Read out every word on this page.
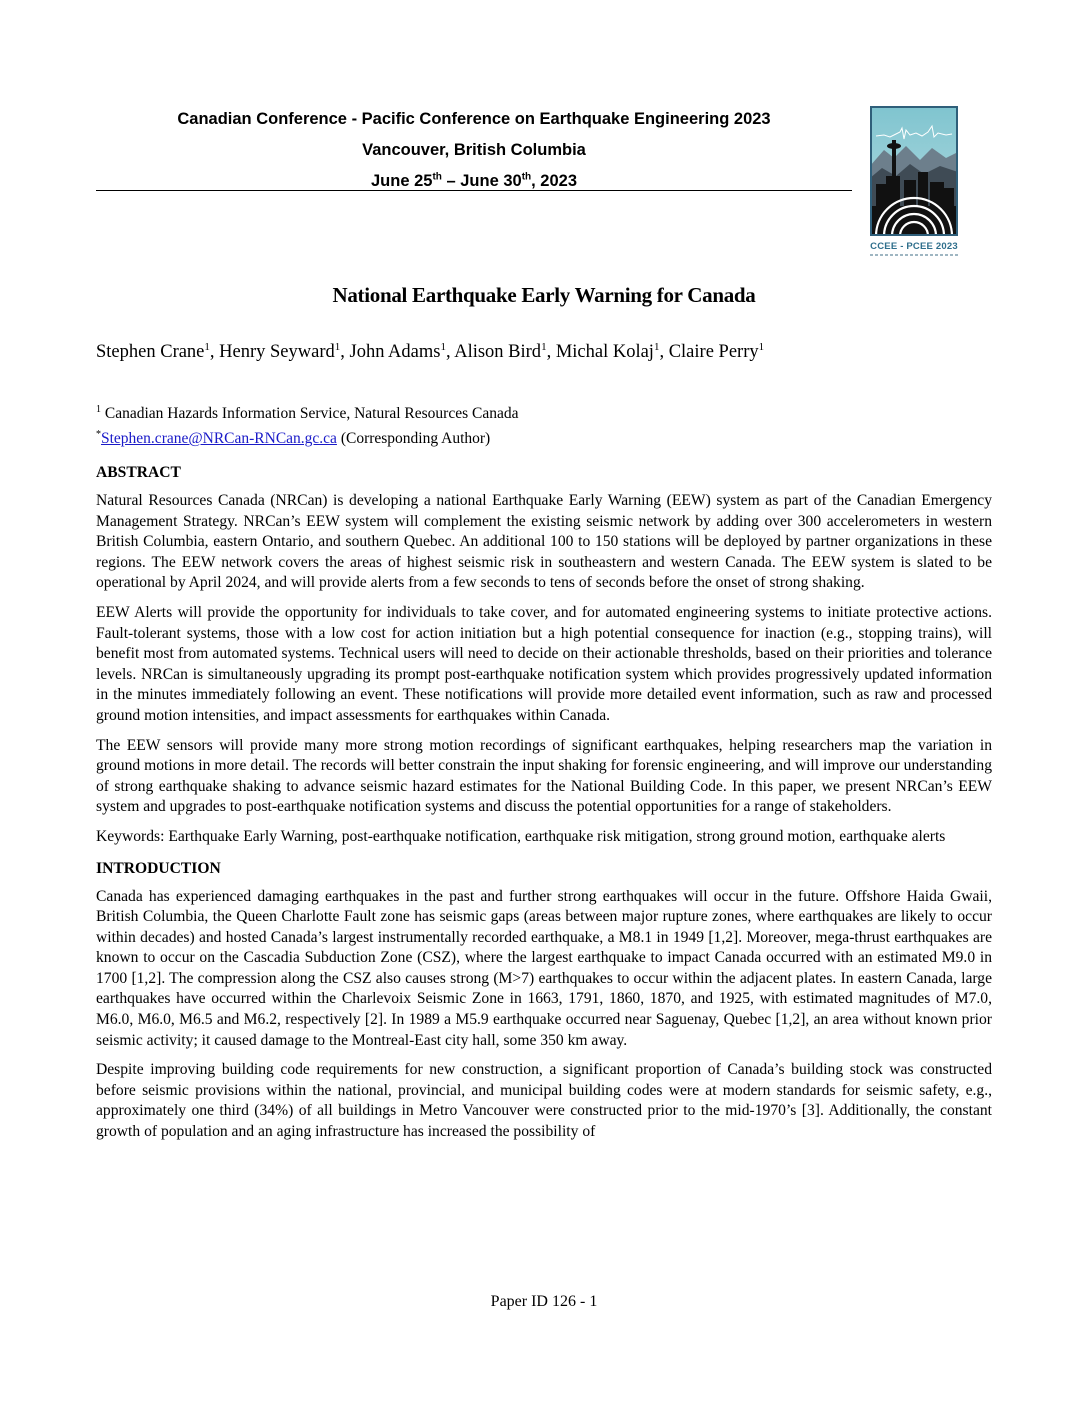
Canadian Conference - Pacific Conference on Earthquake Engineering 2023
Vancouver, British Columbia
June 25th – June 30th, 2023
CCEE - PCEE 2023
National Earthquake Early Warning for Canada
Stephen Crane$^1$, Henry Seyward$^1$, John Adams$^1$, Alison Bird$^1$, Michal Kolaj$^1$, Claire Perry$^1$
$^1$ Canadian Hazards Information Service, Natural Resources Canada
*Stephen.crane@NRCan-RNCan.gc.ca (Corresponding Author)
ABSTRACT

Natural Resources Canada (NRCan) is developing a national Earthquake Early Warning (EEW) system as part of the Canadian Emergency Management Strategy. NRCan’s EEW system will complement the existing seismic network by adding over 300 accelerometers in western British Columbia, eastern Ontario, and southern Quebec. An additional 100 to 150 stations will be deployed by partner organizations in these regions. The EEW network covers the areas of highest seismic risk in southeastern and western Canada. The EEW system is slated to be operational by April 2024, and will provide alerts from a few seconds to tens of seconds before the onset of strong shaking.

EEW Alerts will provide the opportunity for individuals to take cover, and for automated engineering systems to initiate protective actions. Fault-tolerant systems, those with a low cost for action initiation but a high potential consequence for inaction (e.g., stopping trains), will benefit most from automated systems. Technical users will need to decide on their actionable thresholds, based on their priorities and tolerance levels. NRCan is simultaneously upgrading its prompt post-earthquake notification system which provides progressively updated information in the minutes immediately following an event. These notifications will provide more detailed event information, such as raw and processed ground motion intensities, and impact assessments for earthquakes within Canada.

The EEW sensors will provide many more strong motion recordings of significant earthquakes, helping researchers map the variation in ground motions in more detail. The records will better constrain the input shaking for forensic engineering, and will improve our understanding of strong earthquake shaking to advance seismic hazard estimates for the National Building Code. In this paper, we present NRCan’s EEW system and upgrades to post-earthquake notification systems and discuss the potential opportunities for a range of stakeholders.

Keywords: Earthquake Early Warning, post-earthquake notification, earthquake risk mitigation, strong ground motion, earthquake alerts

INTRODUCTION

Canada has experienced damaging earthquakes in the past and further strong earthquakes will occur in the future. Offshore Haida Gwaii, British Columbia, the Queen Charlotte Fault zone has seismic gaps (areas between major rupture zones, where earthquakes are likely to occur within decades) and hosted Canada’s largest instrumentally recorded earthquake, a M8.1 in 1949 [1,2]. Moreover, mega-thrust earthquakes are known to occur on the Cascadia Subduction Zone (CSZ), where the largest earthquake to impact Canada occurred with an estimated M9.0 in 1700 [1,2]. The compression along the CSZ also causes strong (M>7) earthquakes to occur within the adjacent plates. In eastern Canada, large earthquakes have occurred within the Charlevoix Seismic Zone in 1663, 1791, 1860, 1870, and 1925, with estimated magnitudes of M7.0, M6.0, M6.0, M6.5 and M6.2, respectively [2]. In 1989 a M5.9 earthquake occurred near Saguenay, Quebec [1,2], an area without known prior seismic activity; it caused damage to the Montreal-East city hall, some 350 km away.

Despite improving building code requirements for new construction, a significant proportion of Canada’s building stock was constructed before seismic provisions within the national, provincial, and municipal building codes were at modern standards for seismic safety, e.g., approximately one third (34%) of all buildings in Metro Vancouver were constructed prior to the mid-1970’s [3]. Additionally, the constant growth of population and an aging infrastructure has increased the possibility of

Paper ID 126 - 1
